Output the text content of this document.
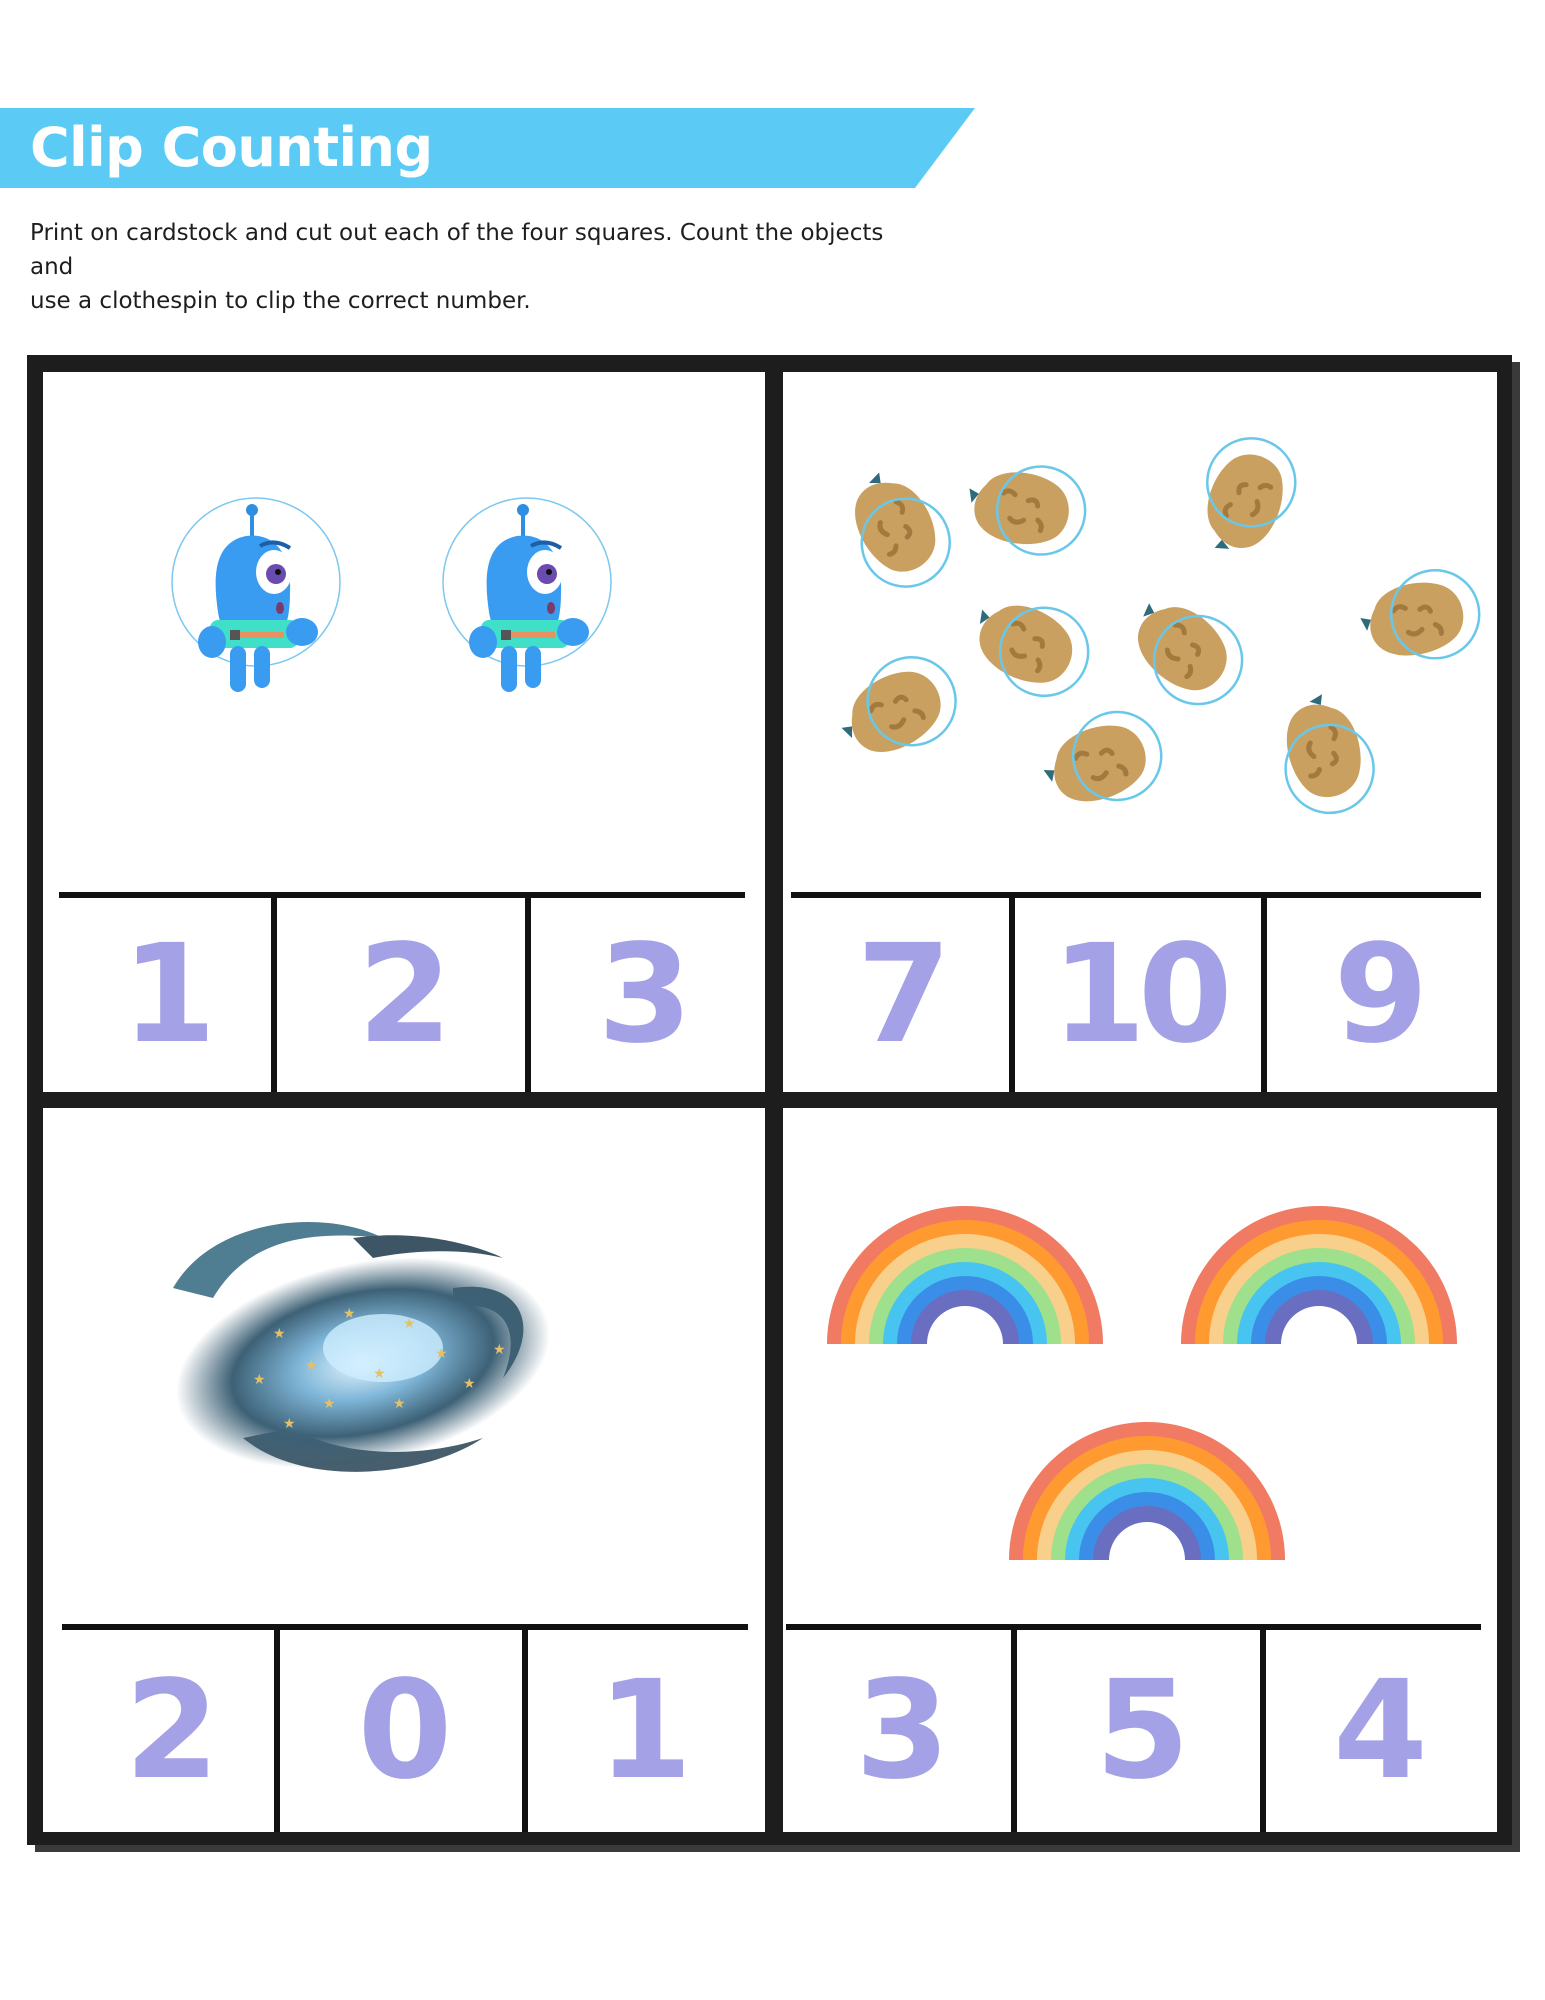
Clip Counting
Print on cardstock and cut out each of the four squares. Count the objects and
use a clothespin to clip the correct number.
1 2 3 7 10 9
★
★
★
★
★
★
★
★
★
★
★
★
2 0 1 3 5 4
